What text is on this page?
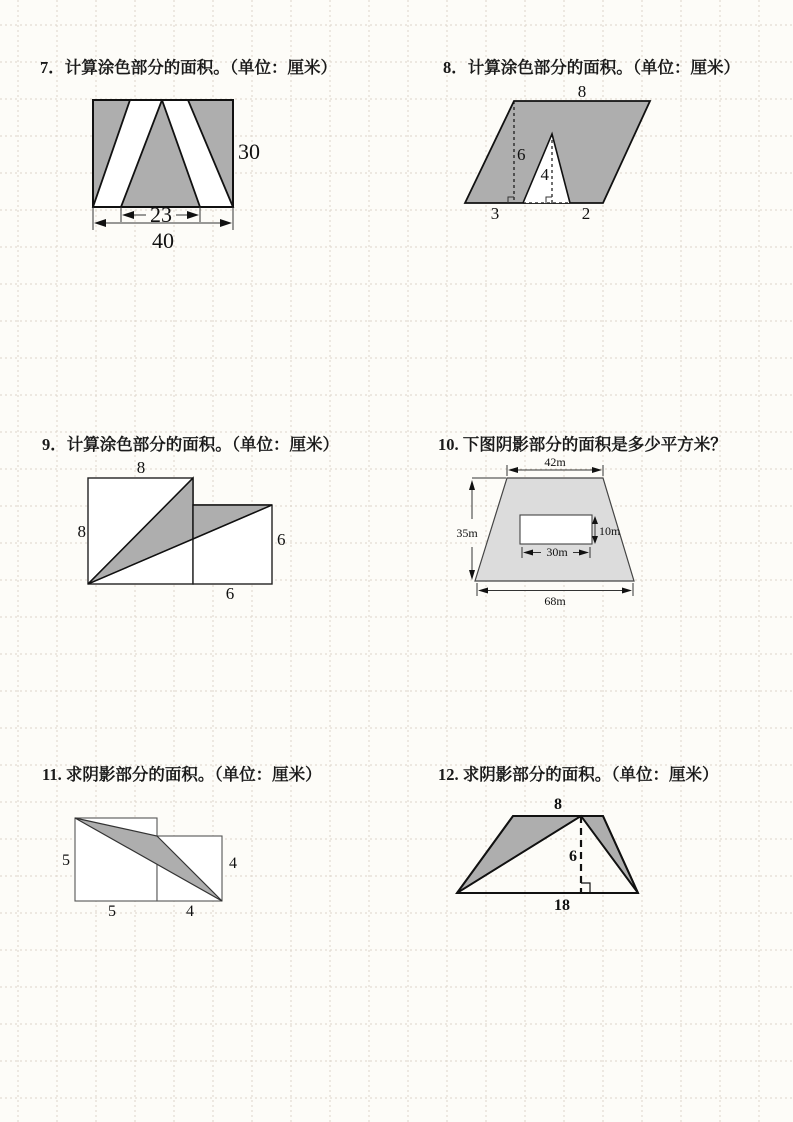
7．计算涂色部分的面积。（单位：厘米）
23
40
30
8．计算涂色部分的面积。（单位：厘米）
8
6
4
3	2
9．计算涂色部分的面积。（单位：厘米）
8
8	6
6
10. 下图阴影部分的面积是多少平方米？
42m
35m	10m
30m
68m
11. 求阴影部分的面积。（单位：厘米）
5
5
4
4
12. 求阴影部分的面积。（单位：厘米）
8
6
18
